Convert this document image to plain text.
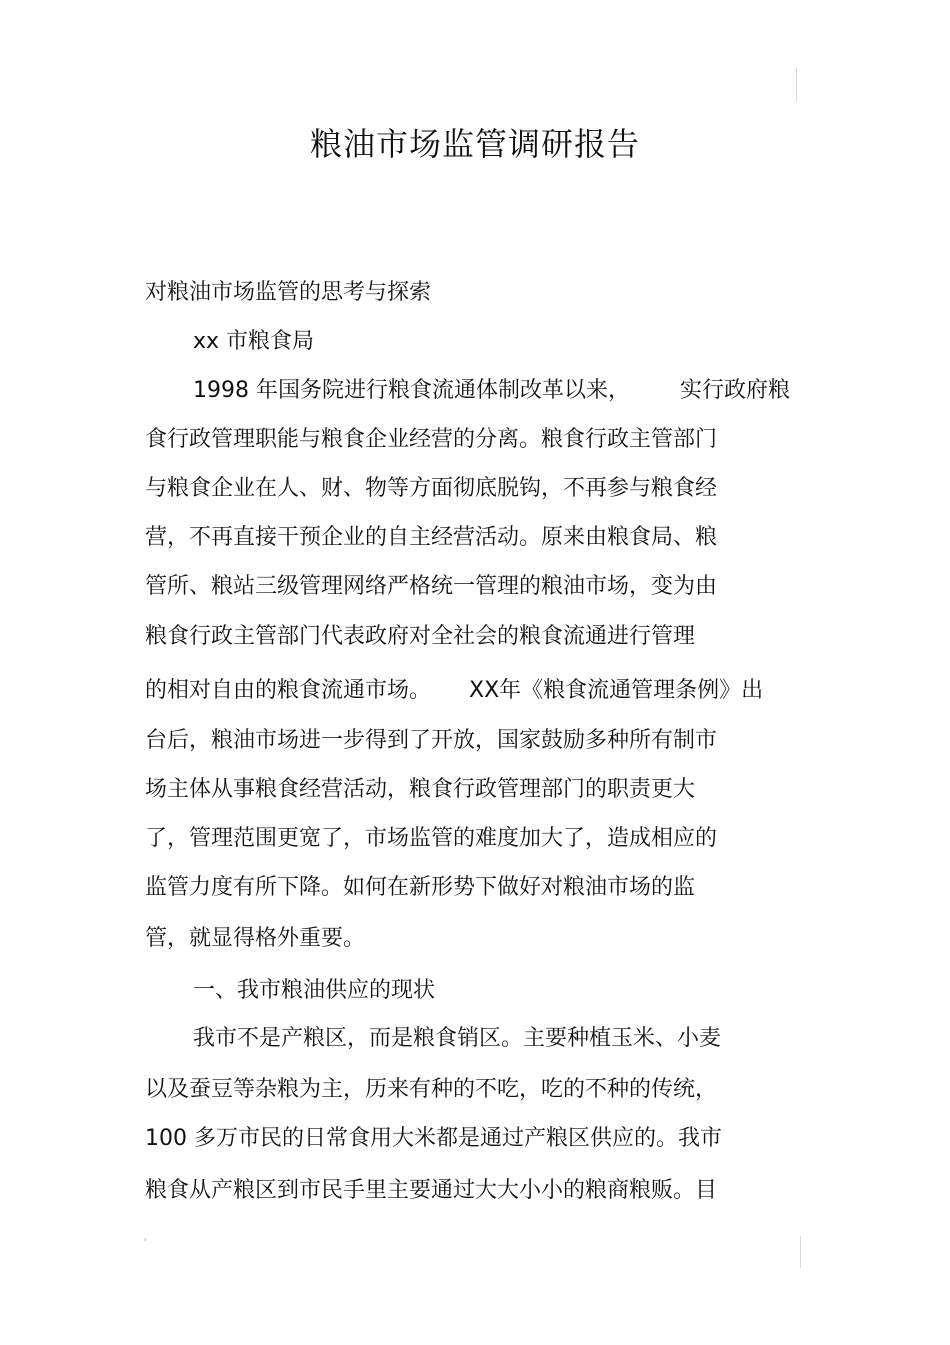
粮油市场监管调研报告
对粮油市场监管的思考与探索
xx 市粮食局
1998 年国务院进行粮食流通体制改革以来， 实行政府粮
食行政管理职能与粮食企业经营的分离。粮食行政主管部门
与粮食企业在人、财、物等方面彻底脱钩，不再参与粮食经
营，不再直接干预企业的自主经营活动。原来由粮食局、粮
管所、粮站三级管理网络严格统一管理的粮油市场，变为由
粮食行政主管部门代表政府对全社会的粮食流通进行管理
的相对自由的粮食流通市场。 XX年《粮食流通管理条例》出
台后，粮油市场进一步得到了开放，国家鼓励多种所有制市
场主体从事粮食经营活动，粮食行政管理部门的职责更大
了，管理范围更宽了，市场监管的难度加大了，造成相应的
监管力度有所下降。如何在新形势下做好对粮油市场的监
管，就显得格外重要。
一、我市粮油供应的现状
我市不是产粮区，而是粮食销区。主要种植玉米、小麦
以及蚕豆等杂粮为主，历来有种的不吃，吃的不种的传统，
100 多万市民的日常食用大米都是通过产粮区供应的。我市
粮食从产粮区到市民手里主要通过大大小小的粮商粮贩。目
